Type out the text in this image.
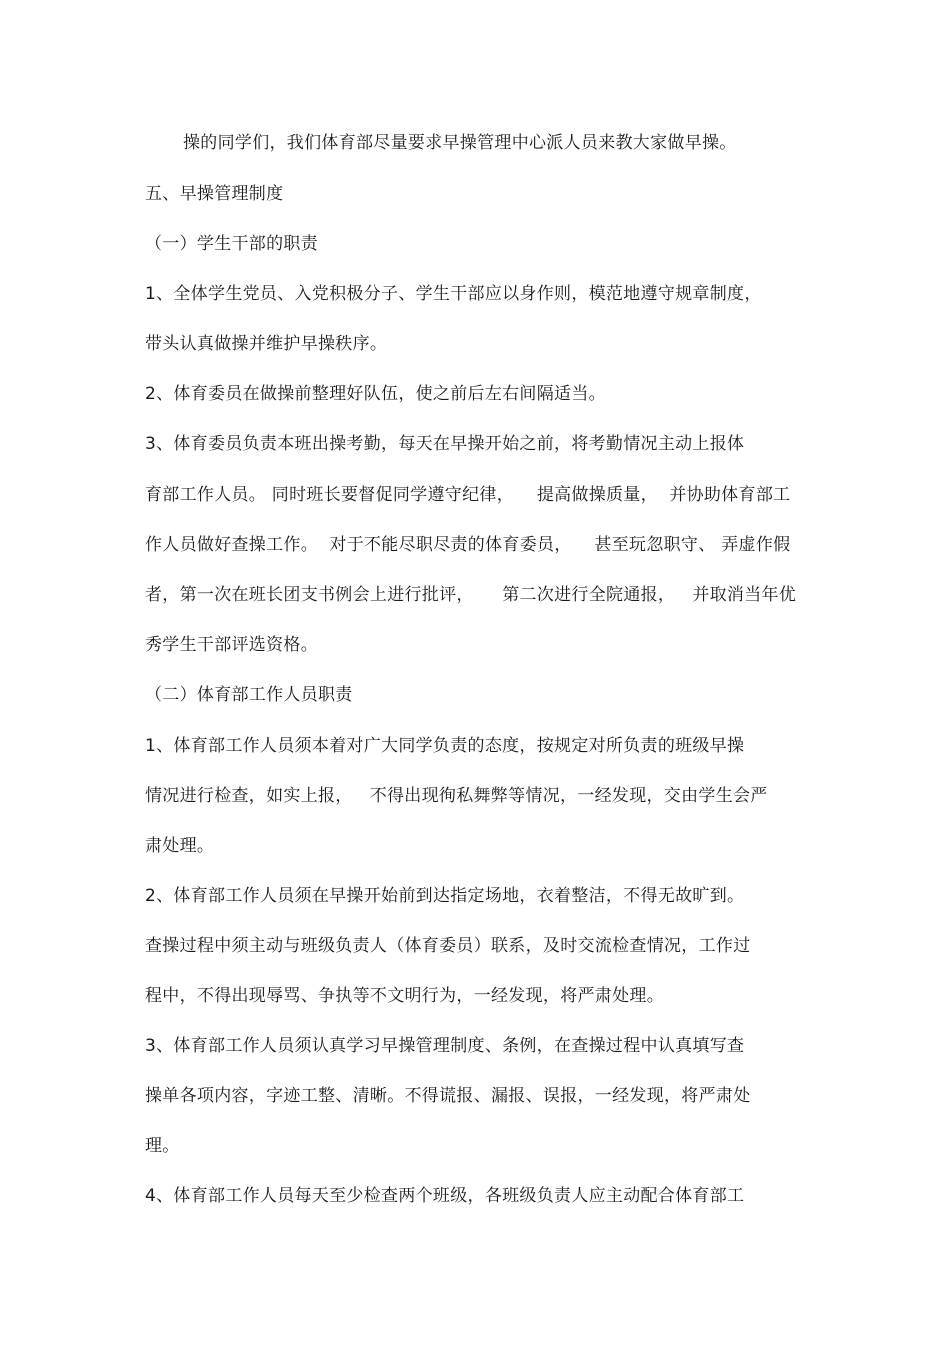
操的同学们，我们体育部尽量要求早操管理中心派人员来教大家做早操。
五、早操管理制度
（一）学生干部的职责
1、全体学生党员、入党积极分子、学生干部应以身作则，模范地遵守规章制度，
带头认真做操并维护早操秩序。
2、体育委员在做操前整理好队伍，使之前后左右间隔适当。
3、体育委员负责本班出操考勤，每天在早操开始之前，将考勤情况主动上报体
育部工作人员。 同时班长要督促同学遵守纪律，    提高做操质量，  并协助体育部工
作人员做好查操工作。  对于不能尽职尽责的体育委员，    甚至玩忽职守、 弄虚作假
者，第一次在班长团支书例会上进行批评，     第二次进行全院通报，   并取消当年优
秀学生干部评选资格。
（二）体育部工作人员职责
1、体育部工作人员须本着对广大同学负责的态度，按规定对所负责的班级早操
情况进行检查，如实上报，   不得出现徇私舞弊等情况，一经发现，交由学生会严
肃处理。
2、体育部工作人员须在早操开始前到达指定场地，衣着整洁，不得无故旷到。
查操过程中须主动与班级负责人（体育委员）联系，及时交流检查情况，工作过
程中，不得出现辱骂、争执等不文明行为，一经发现，将严肃处理。
3、体育部工作人员须认真学习早操管理制度、条例，在查操过程中认真填写查
操单各项内容，字迹工整、清晰。不得谎报、漏报、误报，一经发现，将严肃处
理。
4、体育部工作人员每天至少检查两个班级，各班级负责人应主动配合体育部工
